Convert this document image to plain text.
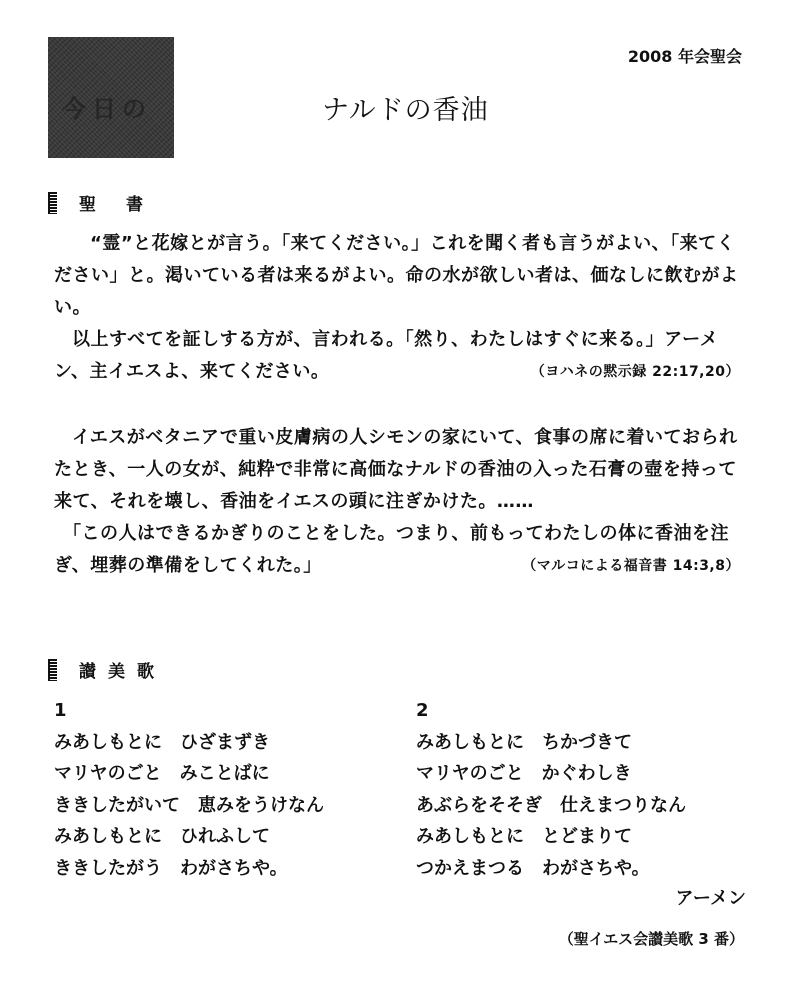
今日の
2008 年会聖会
ナルドの香油
聖書
“霊”と花嫁とが言う。「来てください。」これを聞く者も言うがよい、「来てください」と。渇いている者は来るがよい。命の水が欲しい者は、価なしに飲むがよい。
以上すべてを証しする方が、言われる。「然り、わたしはすぐに来る。」アーメン、主イエスよ、来てください。	（ヨハネの黙示録 22:17,20）
イエスがベタニアで重い皮膚病の人シモンの家にいて、食事の席に着いておられたとき、一人の女が、純粋で非常に高価なナルドの香油の入った石膏の壺を持って来て、それを壊し、香油をイエスの頭に注ぎかけた。……
「この人はできるかぎりのことをした。つまり、前もってわたしの体に香油を注ぎ、埋葬の準備をしてくれた。」	（マルコによる福音書 14:3,8）
讃美歌
1
みあしもとに　ひざまずき
マリヤのごと　みことばに
ききしたがいて　恵みをうけなん
みあしもとに　ひれふして
ききしたがう　わがさちや。
2
みあしもとに　ちかづきて
マリヤのごと　かぐわしき
あぶらをそそぎ　仕えまつりなん
みあしもとに　とどまりて
つかえまつる　わがさちや。
アーメン
（聖イエス会讃美歌 3 番）
